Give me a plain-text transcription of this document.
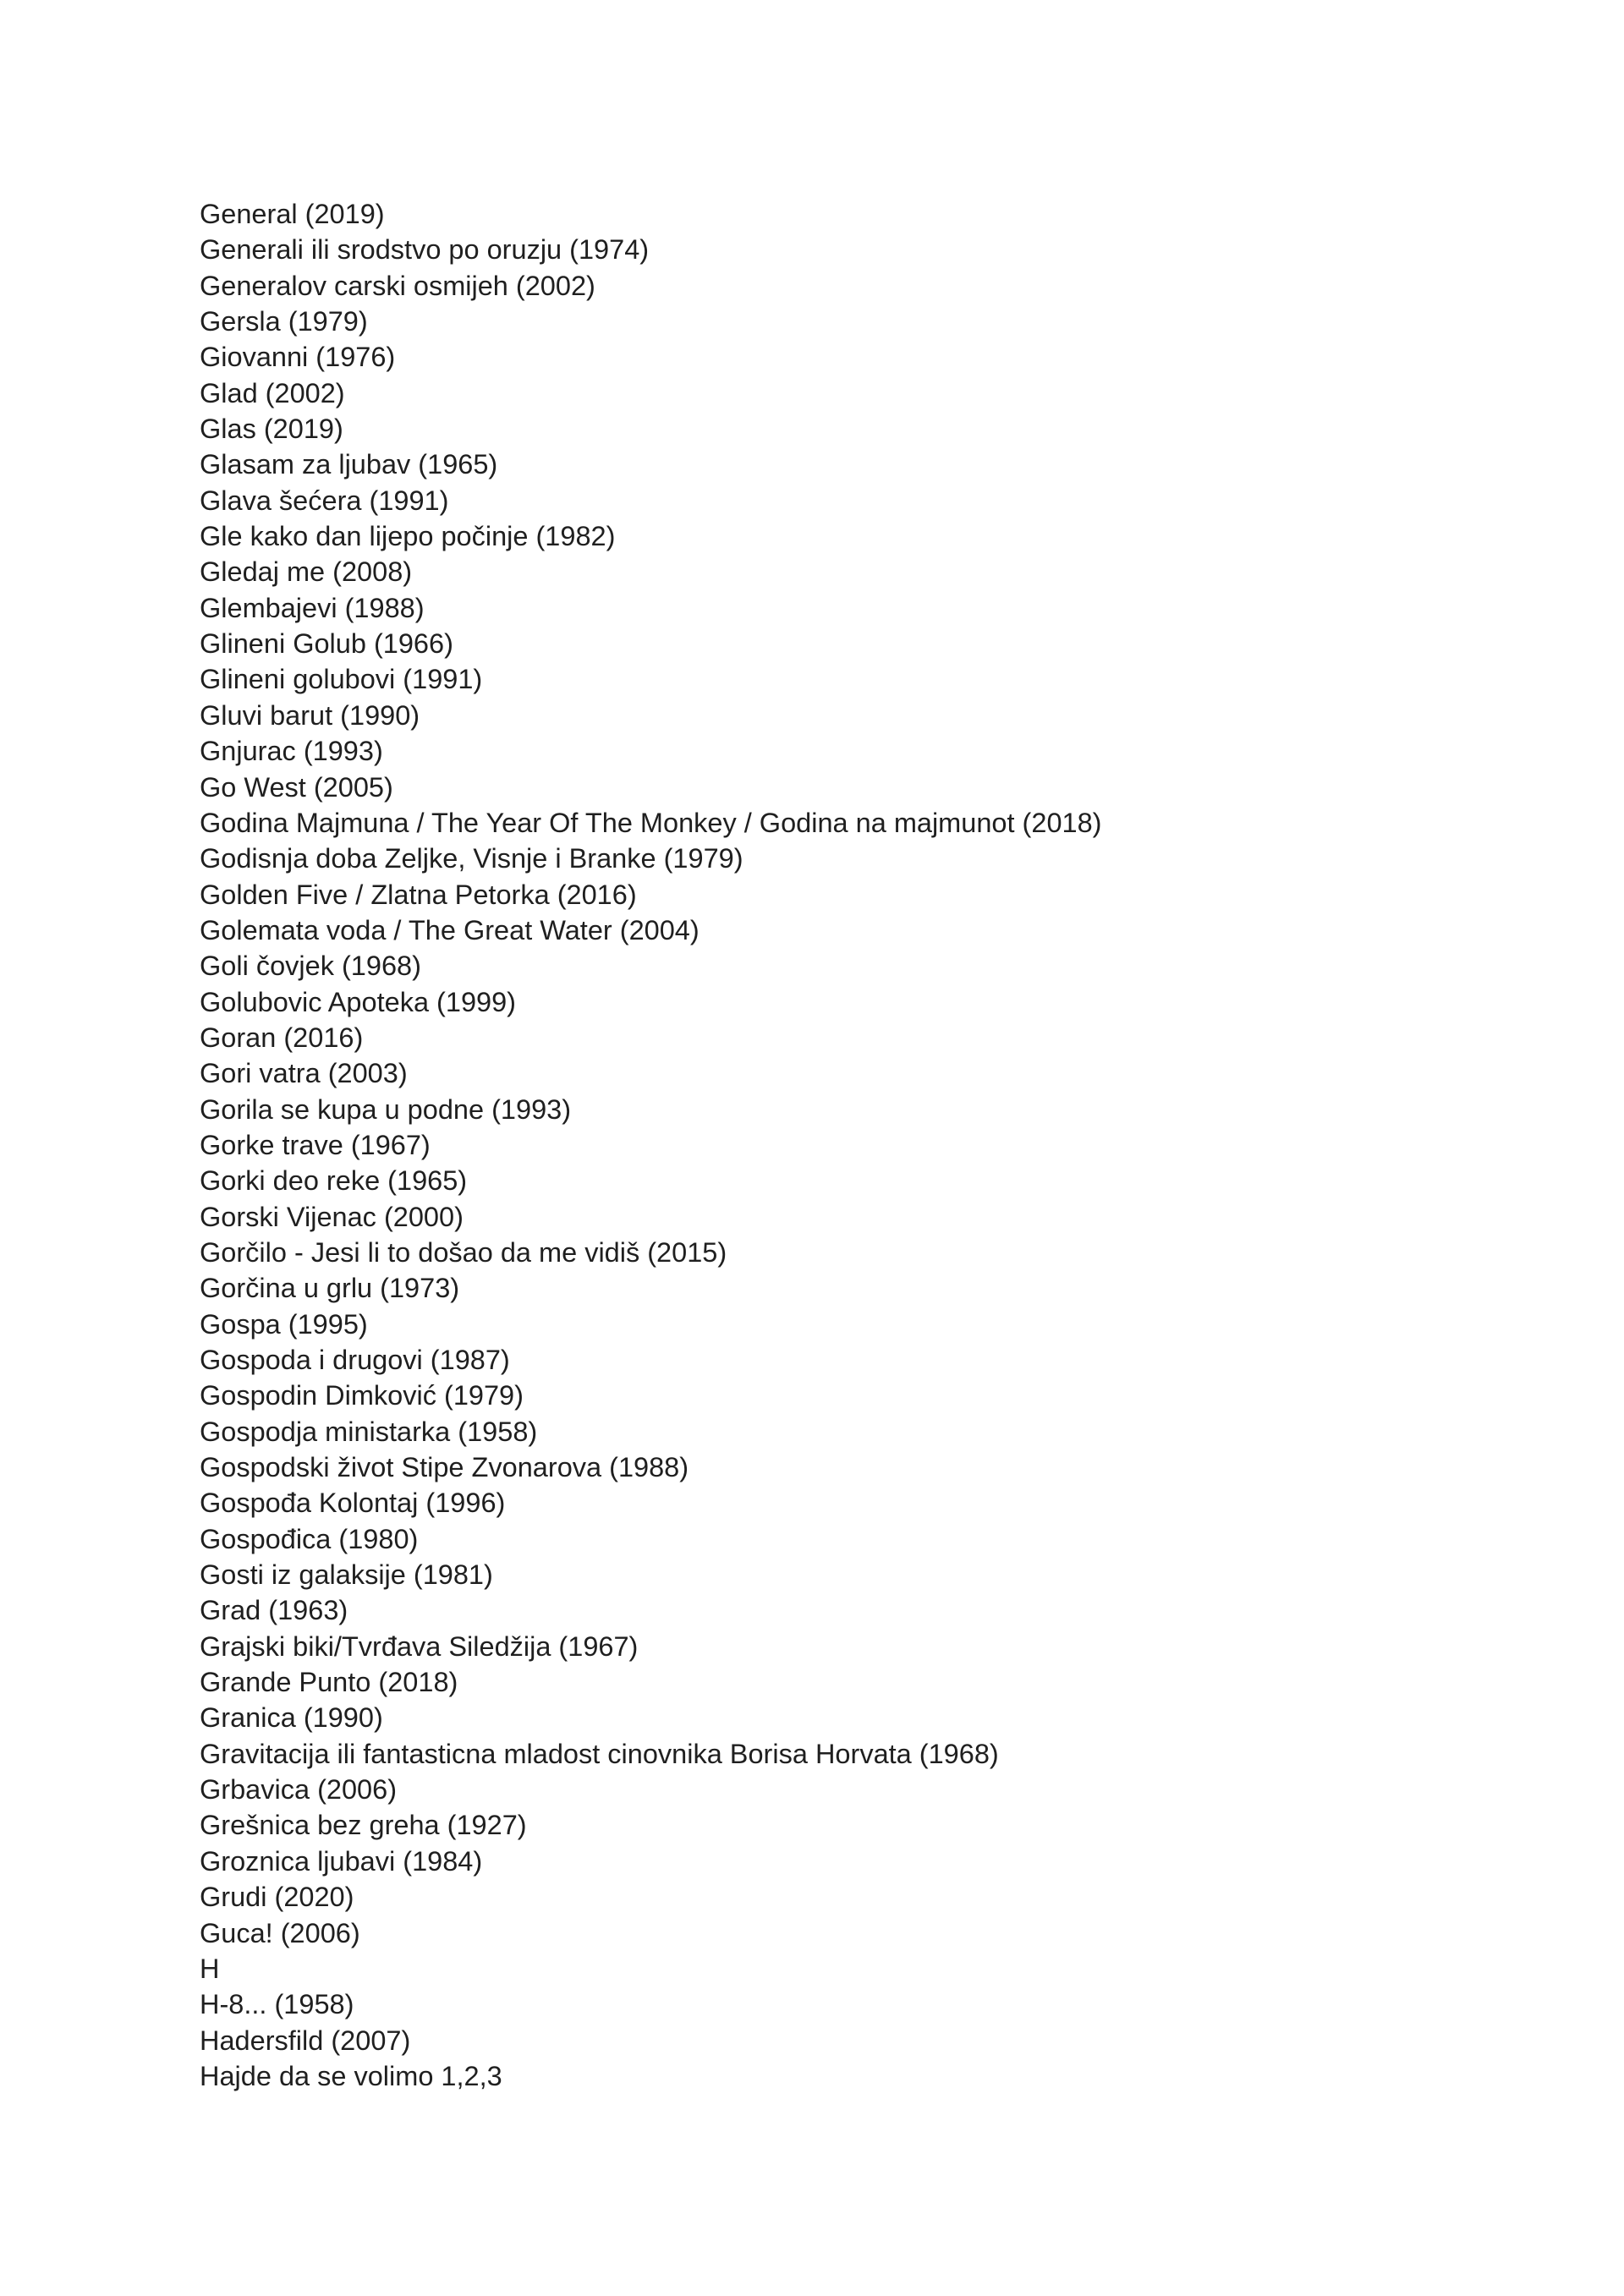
General (2019)
Generali ili srodstvo po oruzju (1974)
Generalov carski osmijeh (2002)
Gersla (1979)
Giovanni (1976)
Glad (2002)
Glas (2019)
Glasam za ljubav (1965)
Glava šećera (1991)
Gle kako dan lijepo počinje (1982)
Gledaj me (2008)
Glembajevi (1988)
Glineni Golub (1966)
Glineni golubovi (1991)
Gluvi barut (1990)
Gnjurac (1993)
Go West (2005)
Godina Majmuna / The Year Of The Monkey / Godina na majmunot (2018)
Godisnja doba Zeljke, Visnje i Branke (1979)
Golden Five / Zlatna Petorka (2016)
Golemata voda / The Great Water (2004)
Goli čovjek (1968)
Golubovic Apoteka (1999)
Goran (2016)
Gori vatra (2003)
Gorila se kupa u podne (1993)
Gorke trave (1967)
Gorki deo reke (1965)
Gorski Vijenac (2000)
Gorčilo - Jesi li to došao da me vidiš (2015)
Gorčina u grlu (1973)
Gospa (1995)
Gospoda i drugovi (1987)
Gospodin Dimković (1979)
Gospodja ministarka (1958)
Gospodski život Stipe Zvonarova (1988)
Gospođa Kolontaj (1996)
Gospođica (1980)
Gosti iz galaksije (1981)
Grad (1963)
Grajski biki/Tvrđava Siledžija (1967)
Grande Punto (2018)
Granica (1990)
Gravitacija ili fantasticna mladost cinovnika Borisa Horvata (1968)
Grbavica (2006)
Grešnica bez greha (1927)
Groznica ljubavi (1984)
Grudi (2020)
Guca! (2006)
H
H-8... (1958)
Hadersfild (2007)
Hajde da se volimo 1,2,3
